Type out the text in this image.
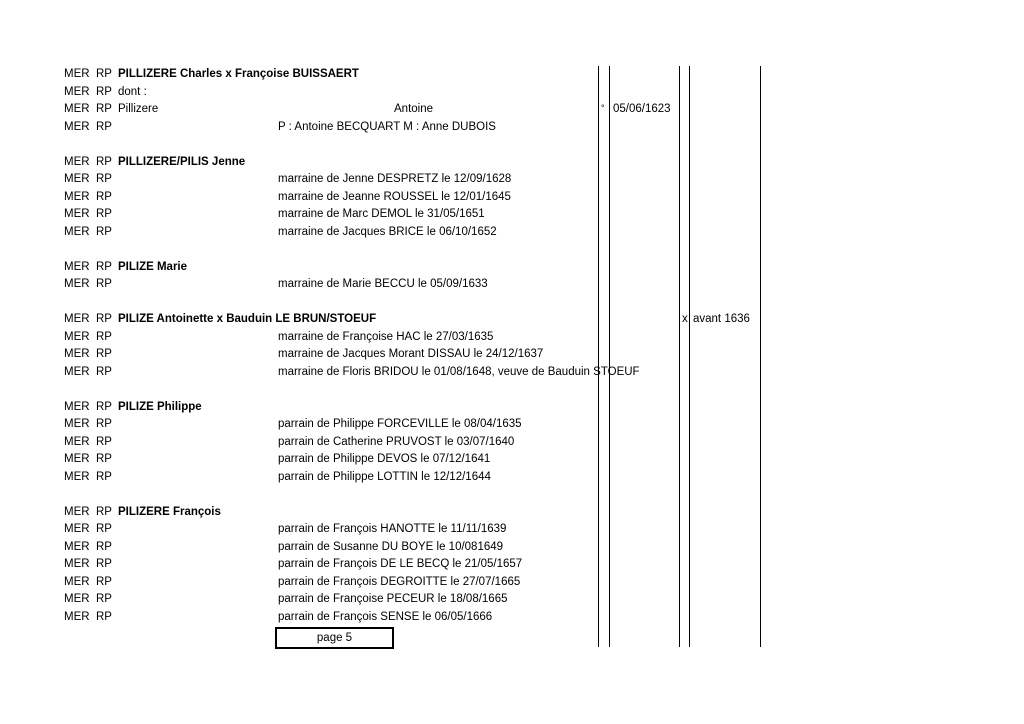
MER RP PILLIZERE Charles x Françoise BUISSAERT
MER RP dont :
MER RP Pillizere	Antoine	° 05/06/1623
MER RP	P : Antoine BECQUART M : Anne DUBOIS
MER RP PILLIZERE/PILIS Jenne
MER RP	marraine de Jenne DESPRETZ le 12/09/1628
MER RP	marraine de Jeanne ROUSSEL le 12/01/1645
MER RP	marraine de Marc DEMOL le 31/05/1651
MER RP	marraine de Jacques BRICE le 06/10/1652
MER RP PILIZE Marie
MER RP	marraine de Marie BECCU le 05/09/1633
MER RP PILIZE Antoinette x Bauduin LE BRUN/STOEUF	x avant 1636
MER RP	marraine de Françoise HAC le 27/03/1635
MER RP	marraine de Jacques Morant DISSAU le 24/12/1637
MER RP	marraine de Floris BRIDOU le 01/08/1648, veuve de Bauduin STOEUF
MER RP PILIZE Philippe
MER RP	parrain de Philippe FORCEVILLE le 08/04/1635
MER RP	parrain de Catherine PRUVOST le 03/07/1640
MER RP	parrain de Philippe DEVOS le 07/12/1641
MER RP	parrain de Philippe LOTTIN le 12/12/1644
MER RP PILIZERE François
MER RP	parrain de François HANOTTE le 11/11/1639
MER RP	parrain de Susanne DU BOYE le 10/081649
MER RP	parrain de François DE LE BECQ le 21/05/1657
MER RP	parrain de François DEGROITTE le 27/07/1665
MER RP	parrain de Françoise PECEUR le 18/08/1665
MER RP	parrain de François SENSE le 06/05/1666
page 5
